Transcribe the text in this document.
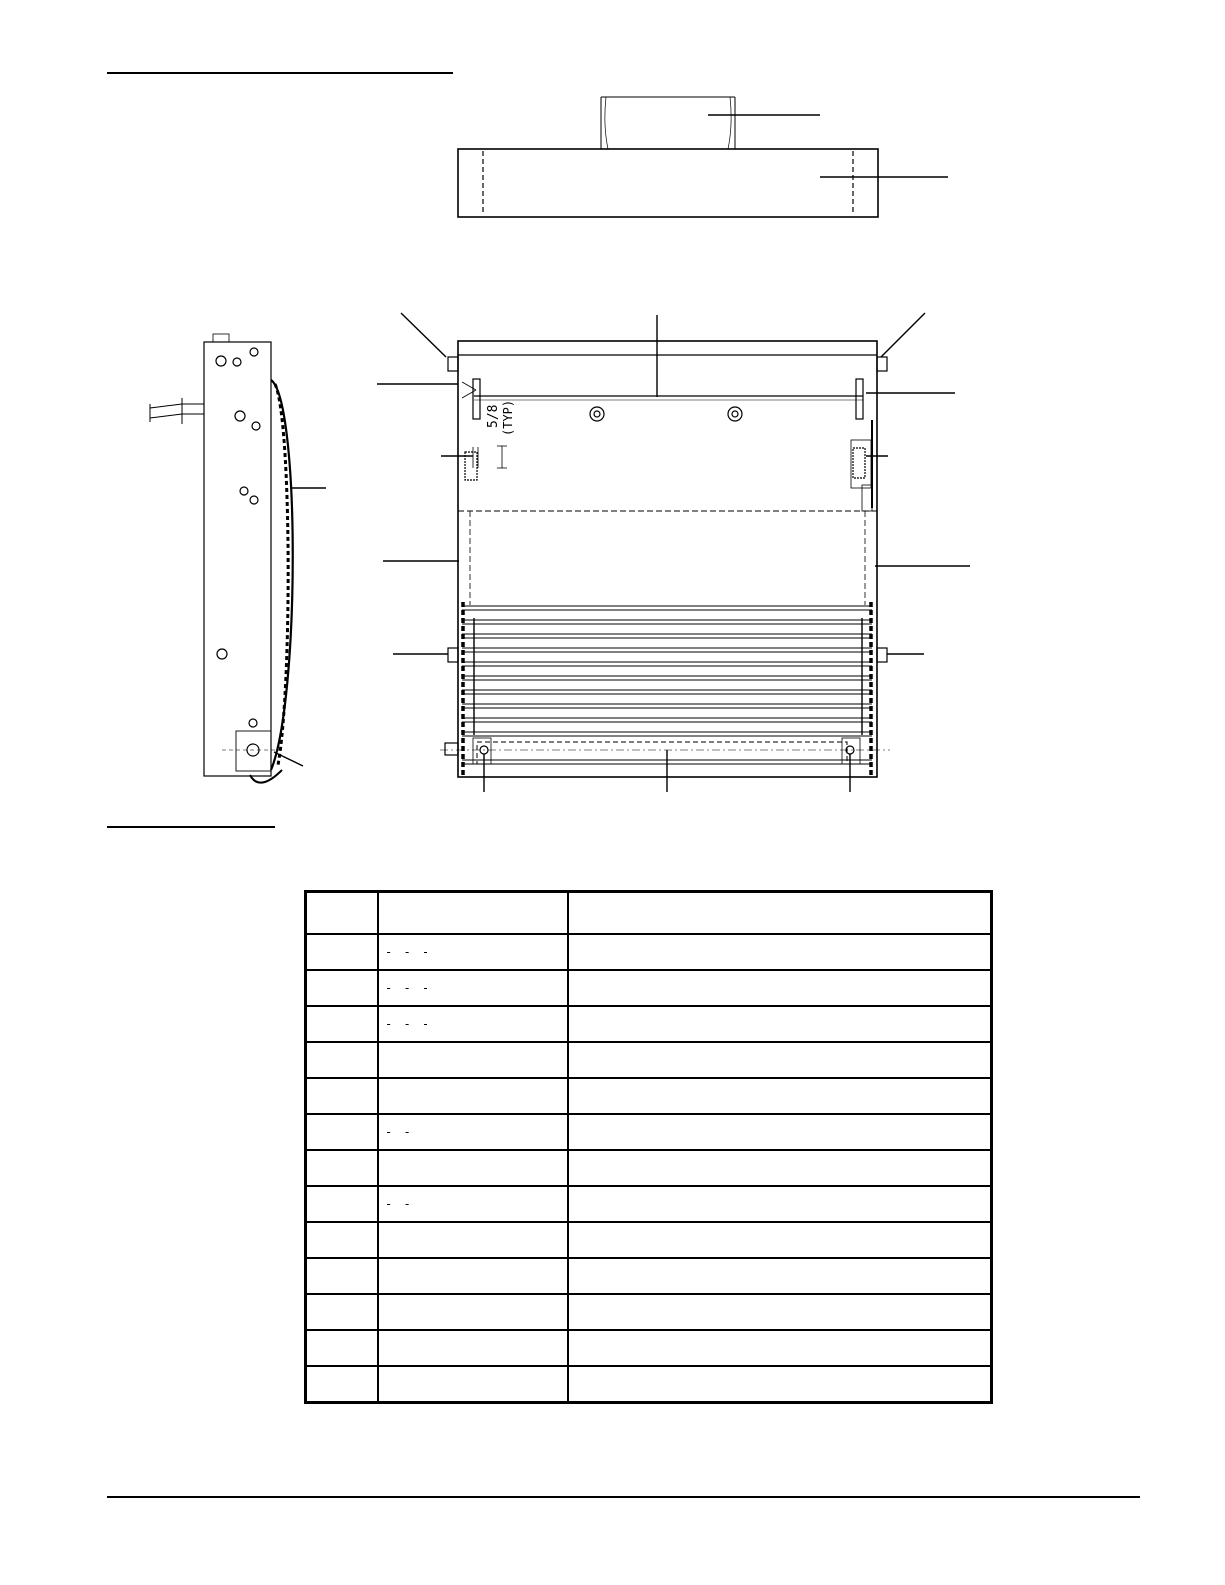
5/8 (TYP)

	- - -	
	- - -	
	- - -	

	- -	

	- -	
